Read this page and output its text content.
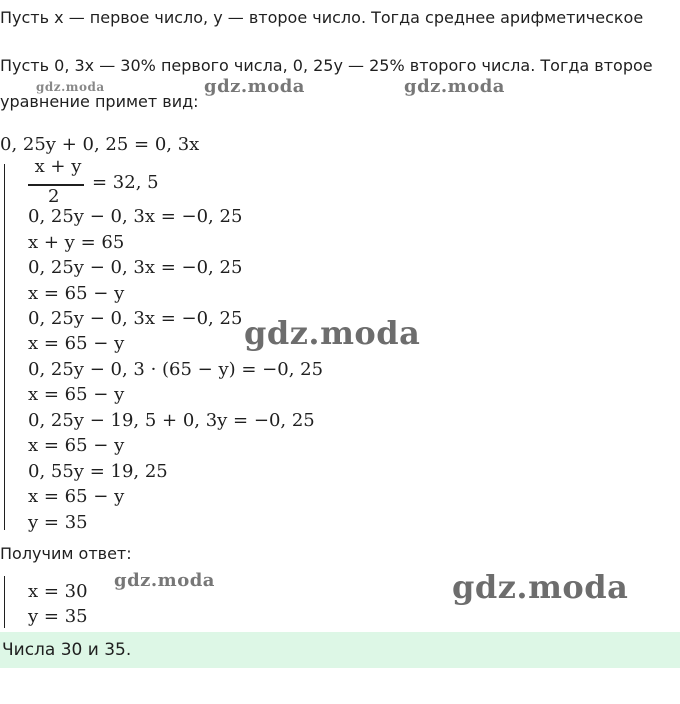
Пусть x — первое число, y — второе число. Тогда среднее арифметическое
Пусть 0, 3x — 30% первого числа, 0, 25y — 25% второго числа. Тогда второе
gdz.moda	gdz.moda	gdz.moda
уравнение примет вид:
0, 25y + 0, 25 = 0, 3x
x + y
2
= 32, 5
0, 25y − 0, 3x = −0, 25
x + y = 65
0, 25y − 0, 3x = −0, 25
x = 65 − y
0, 25y − 0, 3x = −0, 25
x = 65 − y
0, 25y − 0, 3 · (65 − y) = −0, 25
x = 65 − y
0, 25y − 19, 5 + 0, 3y = −0, 25
x = 65 − y
0, 55y = 19, 25
x = 65 − y
y = 35
gdz.moda
Получим ответ:
x = 30
y = 35
gdz.moda	gdz.moda
Числа 30 и 35.
